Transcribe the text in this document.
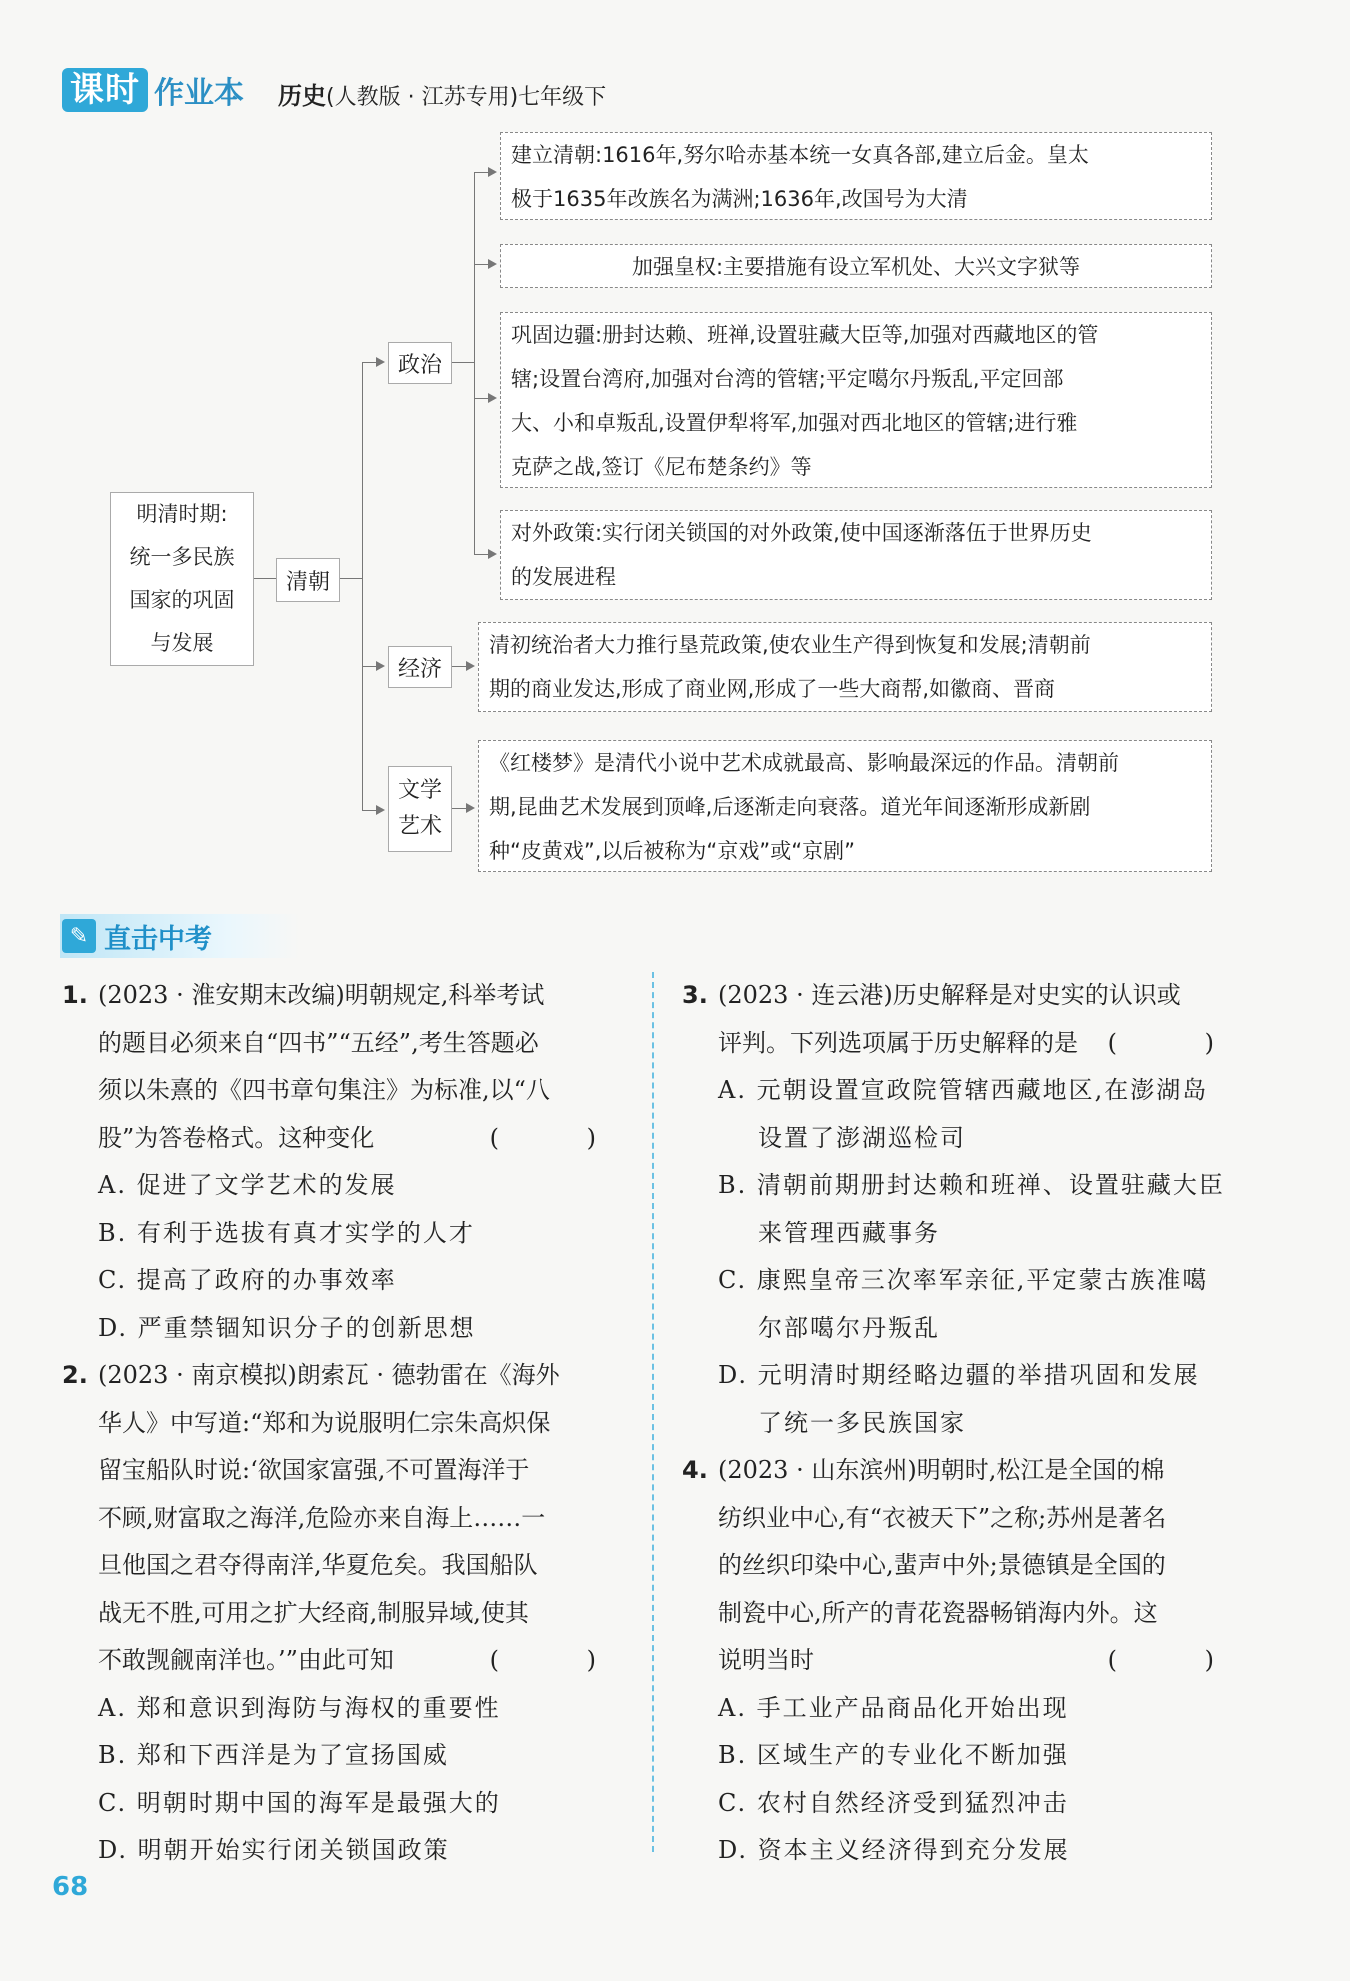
课时 作业本 历史(人教版 · 江苏专用)七年级下
明清时期:
统一多民族
国家的巩固
与发展
清朝
政治
建立清朝:1616年,努尔哈赤基本统一女真各部,建立后金。皇太
极于1635年改族名为满洲;1636年,改国号为大清
加强皇权:主要措施有设立军机处、大兴文字狱等
巩固边疆:册封达赖、班禅,设置驻藏大臣等,加强对西藏地区的管
辖;设置台湾府,加强对台湾的管辖;平定噶尔丹叛乱,平定回部
大、小和卓叛乱,设置伊犁将军,加强对西北地区的管辖;进行雅
克萨之战,签订《尼布楚条约》等
对外政策:实行闭关锁国的对外政策,使中国逐渐落伍于世界历史
的发展进程
经济
清初统治者大力推行垦荒政策,使农业生产得到恢复和发展;清朝前
期的商业发达,形成了商业网,形成了一些大商帮,如徽商、晋商
文学
艺术
《红楼梦》是清代小说中艺术成就最高、影响最深远的作品。清朝前
期,昆曲艺术发展到顶峰,后逐渐走向衰落。道光年间逐渐形成新剧
种“皮黄戏”,以后被称为“京戏”或“京剧”
✎ 直击中考
1. (2023 · 淮安期末改编)明朝规定,科举考试
的题目必须来自“四书”“五经”,考生答题必
须以朱熹的《四书章句集注》为标准,以“八
股”为答卷格式。这种变化	( )
A. 促进了文学艺术的发展
B. 有利于选拔有真才实学的人才
C. 提高了政府的办事效率
D. 严重禁锢知识分子的创新思想
2. (2023 · 南京模拟)朗索瓦 · 德勃雷在《海外
华人》中写道:“郑和为说服明仁宗朱高炽保
留宝船队时说:‘欲国家富强,不可置海洋于
不顾,财富取之海洋,危险亦来自海上……一
旦他国之君夺得南洋,华夏危矣。我国船队
战无不胜,可用之扩大经商,制服异域,使其
不敢觊觎南洋也。’”由此可知	( )
A. 郑和意识到海防与海权的重要性
B. 郑和下西洋是为了宣扬国威
C. 明朝时期中国的海军是最强大的
D. 明朝开始实行闭关锁国政策
3. (2023 · 连云港)历史解释是对史实的认识或
评判。下列选项属于历史解释的是 ( )
A. 元朝设置宣政院管辖西藏地区,在澎湖岛
设置了澎湖巡检司
B. 清朝前期册封达赖和班禅、设置驻藏大臣
来管理西藏事务
C. 康熙皇帝三次率军亲征,平定蒙古族准噶
尔部噶尔丹叛乱
D. 元明清时期经略边疆的举措巩固和发展
了统一多民族国家
4. (2023 · 山东滨州)明朝时,松江是全国的棉
纺织业中心,有“衣被天下”之称;苏州是著名
的丝织印染中心,蜚声中外;景德镇是全国的
制瓷中心,所产的青花瓷器畅销海内外。这
说明当时	( )
A. 手工业产品商品化开始出现
B. 区域生产的专业化不断加强
C. 农村自然经济受到猛烈冲击
D. 资本主义经济得到充分发展
68
